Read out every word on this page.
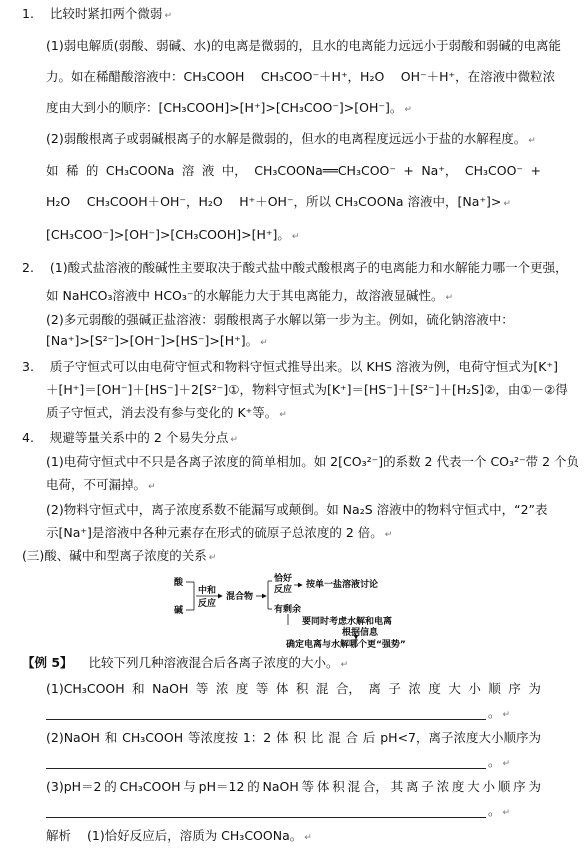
1. 比较时紧扣两个微弱 ↵
(1)弱电解质(弱酸、弱碱、水)的电离是微弱的，且水的电离能力远远小于弱酸和弱碱的电离能
力。如在稀醋酸溶液中：CH₃COOH　 CH₃COO⁻＋H⁺，H₂O　 OH⁻＋H⁺，在溶液中微粒浓
度由大到小的顺序：[CH₃COOH]>[H⁺]>[CH₃COO⁻]>[OH⁻]。 ↵
(2)弱酸根离子或弱碱根离子的水解是微弱的，但水的电离程度远远小于盐的水解程度。 ↵
如 稀 的 CH₃COONa 溶 液 中， CH₃COONa══CH₃COO⁻ + Na⁺， CH₃COO⁻ +
H₂O　 CH₃COOH＋OH⁻，H₂O　 H⁺＋OH⁻，所以 CH₃COONa 溶液中，[Na⁺]> ↵
[CH₃COO⁻]>[OH⁻]>[CH₃COOH]>[H⁺]。 ↵
2. (1)酸式盐溶液的酸碱性主要取决于酸式盐中酸式酸根离子的电离能力和水解能力哪一个更强，
如 NaHCO₃溶液中 HCO₃⁻的水解能力大于其电离能力，故溶液显碱性。 ↵
(2)多元弱酸的强碱正盐溶液：弱酸根离子水解以第一步为主。例如，硫化钠溶液中：
[Na⁺]>[S²⁻]>[OH⁻]>[HS⁻]>[H⁺]。 ↵
3. 质子守恒式可以由电荷守恒式和物料守恒式推导出来。以 KHS 溶液为例，电荷守恒式为[K⁺]
＋[H⁺]＝[OH⁻]＋[HS⁻]＋2[S²⁻]①，物料守恒式为[K⁺]＝[HS⁻]＋[S²⁻]＋[H₂S]②，由①－②得
质子守恒式，消去没有参与变化的 K⁺等。 ↵
4. 规避等量关系中的 2 个易失分点 ↵
(1)电荷守恒式中不只是各离子浓度的简单相加。如 2[CO₃²⁻]的系数 2 代表一个 CO₃²⁻带 2 个负
电荷，不可漏掉。 ↵
(2)物料守恒式中，离子浓度系数不能漏写或颠倒。如 Na₂S 溶液中的物料守恒式中，“2”表
示[Na⁺]是溶液中各种元素存在形式的硫原子总浓度的 2 倍。 ↵
(三)酸、碱中和型离子浓度的关系 ↵
酸
碱
中和
反应
混合物
恰好
反应 按单一盐溶液讨论
有剩余
要同时考虑水解和电离
根据信息
确定电离与水解哪个更“强势”
【例 5】 比较下列几种溶液混合后各离子浓度的大小。 ↵
(1)CH₃COOH 和 NaOH 等 浓 度 等 体 积 混 合， 离 子 浓 度 大 小 顺 序 为
。 ↵
(2)NaOH 和 CH₃COOH 等浓度按 1：2 体 积 比 混 合 后 pH<7，离子浓度大小顺序为
。 ↵
(3)pH＝2 的 CH₃COOH 与 pH＝12 的 NaOH 等 体 积 混 合， 其 离 子 浓 度 大 小 顺 序 为
。 ↵
解析 (1)恰好反应后，溶质为 CH₃COONa。 ↵
